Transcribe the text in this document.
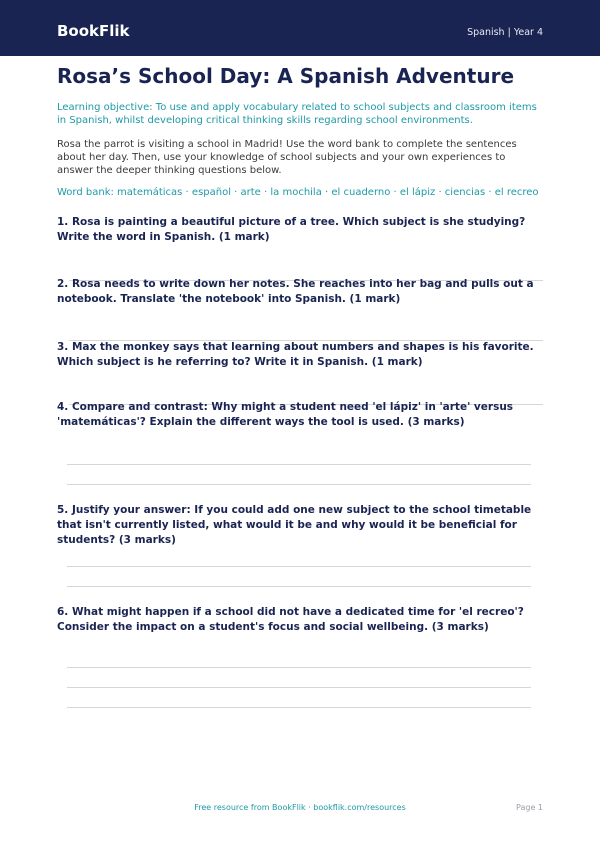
BookFlik	Spanish | Year 4
Rosa’s School Day: A Spanish Adventure
Learning objective: To use and apply vocabulary related to school subjects and classroom items in Spanish, whilst developing critical thinking skills regarding school environments.
Rosa the parrot is visiting a school in Madrid! Use the word bank to complete the sentences about her day. Then, use your knowledge of school subjects and your own experiences to answer the deeper thinking questions below.
Word bank: matemáticas · español · arte · la mochila · el cuaderno · el lápiz · ciencias · el recreo
1. Rosa is painting a beautiful picture of a tree. Which subject is she studying? Write the word in Spanish. (1 mark)
2. Rosa needs to write down her notes. She reaches into her bag and pulls out a notebook. Translate 'the notebook' into Spanish. (1 mark)
3. Max the monkey says that learning about numbers and shapes is his favorite. Which subject is he referring to? Write it in Spanish. (1 mark)
4. Compare and contrast: Why might a student need 'el lápiz' in 'arte' versus 'matemáticas'? Explain the different ways the tool is used. (3 marks)
5. Justify your answer: If you could add one new subject to the school timetable that isn't currently listed, what would it be and why would it be beneficial for students? (3 marks)
6. What might happen if a school did not have a dedicated time for 'el recreo'? Consider the impact on a student's focus and social wellbeing. (3 marks)
Free resource from BookFlik · bookflik.com/resources	Page 1
